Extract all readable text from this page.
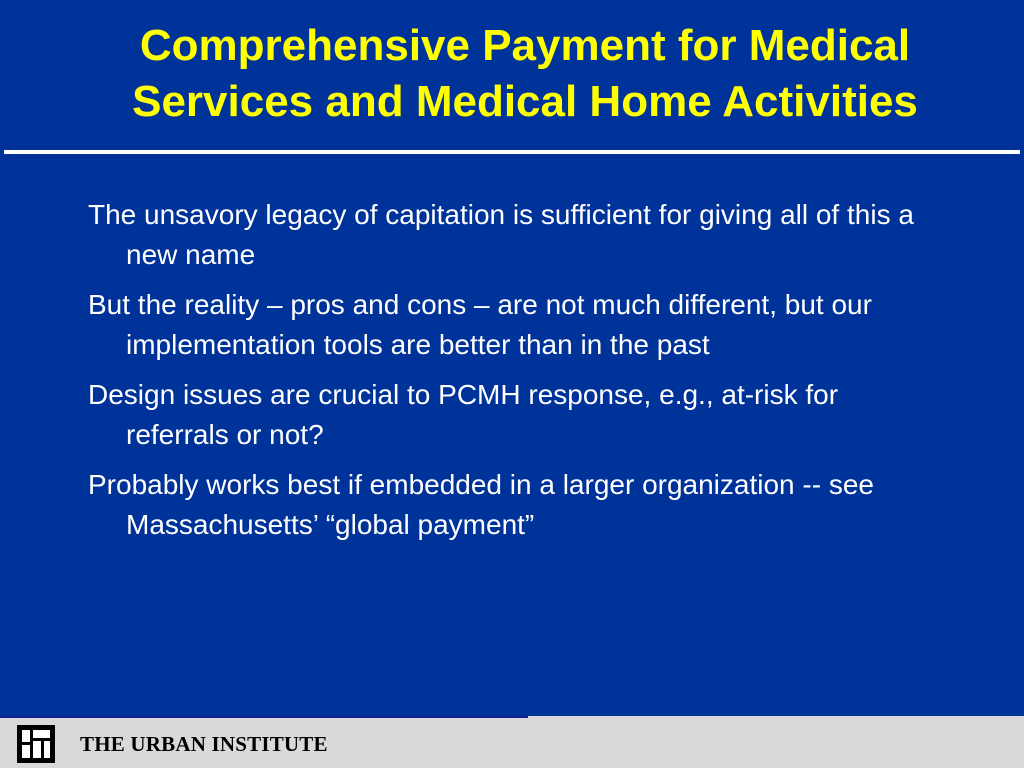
Comprehensive Payment for Medical
Services and Medical Home Activities
The unsavory legacy of capitation is sufficient for giving all of this a new name
But the reality – pros and cons – are not much different, but our implementation tools are better than in the past
Design issues are crucial to PCMH response, e.g., at-risk for referrals or not?
Probably works best if embedded in a larger organization -- see Massachusetts’ “global payment”
THE URBAN INSTITUTE
